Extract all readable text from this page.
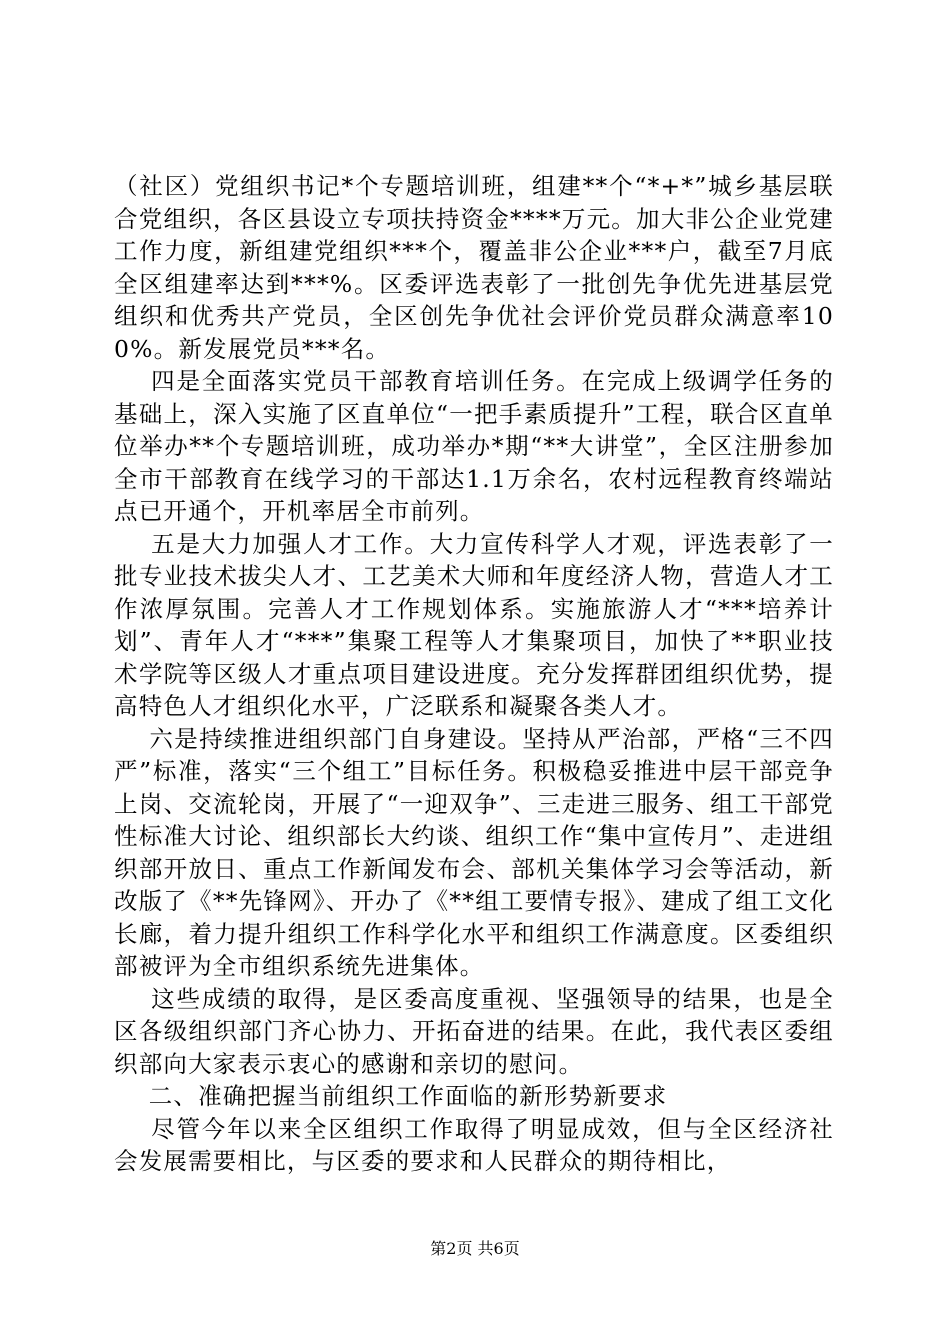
（社区）党组织书记*个专题培训班，组建**个“*+*”城乡基层联合党组织，各区县设立专项扶持资金****万元。加大非公企业党建工作力度，新组建党组织***个，覆盖非公企业***户，截至7月底全区组建率达到***%。区委评选表彰了一批创先争优先进基层党组织和优秀共产党员，全区创先争优社会评价党员群众满意率100%。新发展党员***名。

四是全面落实党员干部教育培训任务。在完成上级调学任务的基础上，深入实施了区直单位“一把手素质提升”工程，联合区直单位举办**个专题培训班，成功举办*期“**大讲堂”，全区注册参加全市干部教育在线学习的干部达1.1万余名，农村远程教育终端站点已开通个，开机率居全市前列。

五是大力加强人才工作。大力宣传科学人才观，评选表彰了一批专业技术拔尖人才、工艺美术大师和年度经济人物，营造人才工作浓厚氛围。完善人才工作规划体系。实施旅游人才“***培养计划”、青年人才“***”集聚工程等人才集聚项目，加快了**职业技术学院等区级人才重点项目建设进度。充分发挥群团组织优势，提高特色人才组织化水平，广泛联系和凝聚各类人才。

六是持续推进组织部门自身建设。坚持从严治部，严格“三不四严”标准，落实“三个组工”目标任务。积极稳妥推进中层干部竞争上岗、交流轮岗，开展了“一迎双争”、三走进三服务、组工干部党性标准大讨论、组织部长大约谈、组织工作“集中宣传月”、走进组织部开放日、重点工作新闻发布会、部机关集体学习会等活动，新改版了《**先锋网》、开办了《**组工要情专报》、建成了组工文化长廊，着力提升组织工作科学化水平和组织工作满意度。区委组织部被评为全市组织系统先进集体。

这些成绩的取得，是区委高度重视、坚强领导的结果，也是全区各级组织部门齐心协力、开拓奋进的结果。在此，我代表区委组织部向大家表示衷心的感谢和亲切的慰问。

二、准确把握当前组织工作面临的新形势新要求

尽管今年以来全区组织工作取得了明显成效，但与全区经济社会发展需要相比，与区委的要求和人民群众的期待相比，

第2页 共6页
